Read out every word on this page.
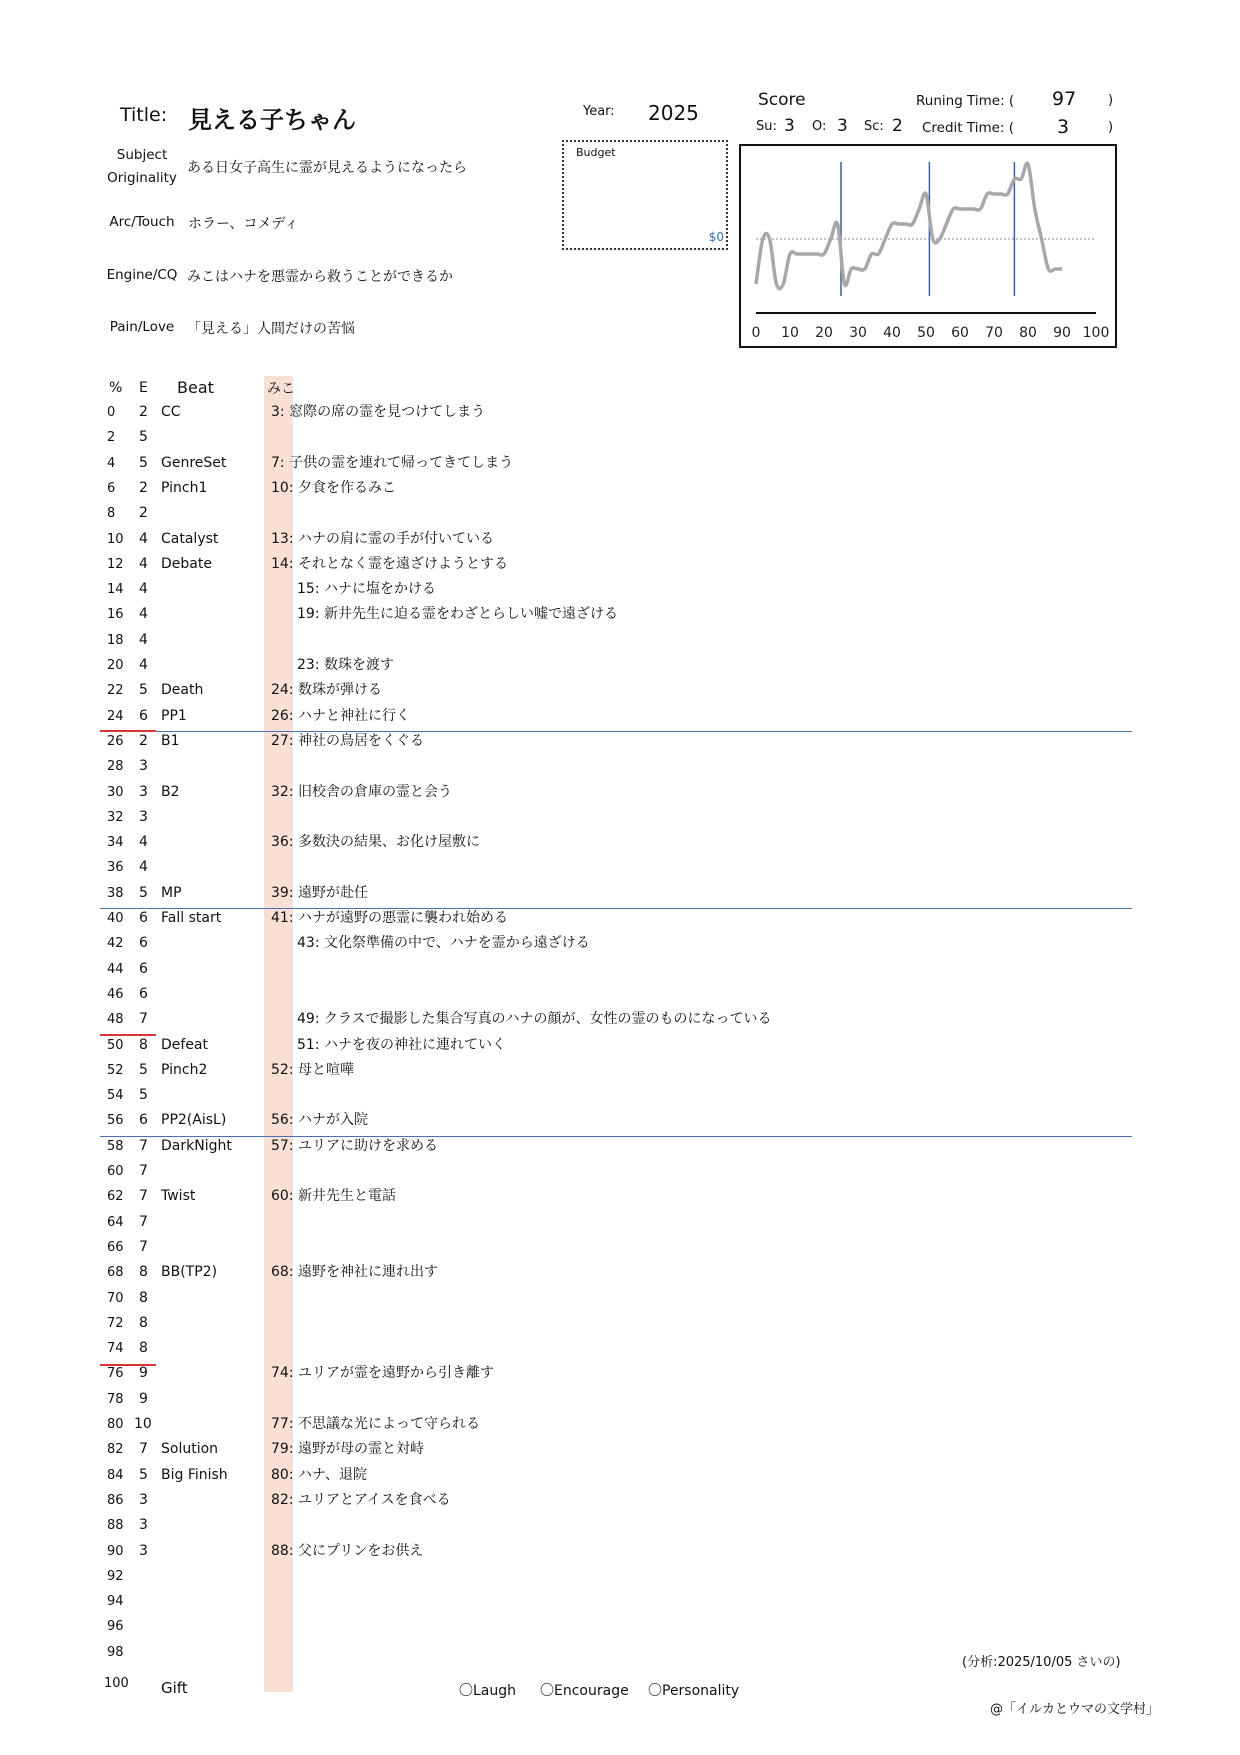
Title: 見える子ちゃん	Year: 2025
Subject
Originality
ある日女子高生に霊が見えるようになったら
Arc/Touch ホラー、コメディ
Engine/CQ みこはハナを悪霊から救うことができるか
Pain/Love 「見える」人間だけの苦悩
Budget
$0
Score	Runing Time: ( 97 )
Su: 3 O: 3 Sc: 2 Credit Time: ( 3	)
0 10 20 30 40 50 60 70 80 90 100
% E Beat	みこ
0 2 CC	3: 窓際の席の霊を見つけてしまう
2 5
4 5 GenreSet	7: 子供の霊を連れて帰ってきてしまう
6 2 Pinch1	10: 夕食を作るみこ
8 2
10 4 Catalyst	13: ハナの肩に霊の手が付いている
12 4 Debate	14: それとなく霊を遠ざけようとする
14 4	15: ハナに塩をかける
16 4	19: 新井先生に迫る霊をわざとらしい嘘で遠ざける
18 4
20 4	23: 数珠を渡す
22 5 Death	24: 数珠が弾ける
24 6 PP1	26: ハナと神社に行く
26 2 B1	27: 神社の鳥居をくぐる
28 3
30 3 B2	32: 旧校舎の倉庫の霊と会う
32 3
34 4	36: 多数決の結果、お化け屋敷に
36 4
38 5 MP	39: 遠野が赴任
40 6 Fall start	41: ハナが遠野の悪霊に襲われ始める
42 6	43: 文化祭準備の中で、ハナを霊から遠ざける
44 6
46 6
48 7	49: クラスで撮影した集合写真のハナの顔が、女性の霊のものになっている
50 8 Defeat	51: ハナを夜の神社に連れていく
52 5 Pinch2	52: 母と喧嘩
54 5
56 6 PP2(AisL)	56: ハナが入院
58 7 DarkNight	57: ユリアに助けを求める
60 7
62 7 Twist	60: 新井先生と電話
64 7
66 7
68 8 BB(TP2)	68: 遠野を神社に連れ出す
70 8
72 8
74 8
76 9	74: ユリアが霊を遠野から引き離す
78 9
80 10	77: 不思議な光によって守られる
82 7 Solution	79: 遠野が母の霊と対峙
84 5 Big Finish	80: ハナ、退院
86 3	82: ユリアとアイスを食べる
88 3
90 3	88: 父にプリンをお供え
92
94
96
98
100 Gift	〇Laugh 〇Encourage 〇Personality
(分析:2025/10/05 さいの)
@「イルカとウマの文学村」
